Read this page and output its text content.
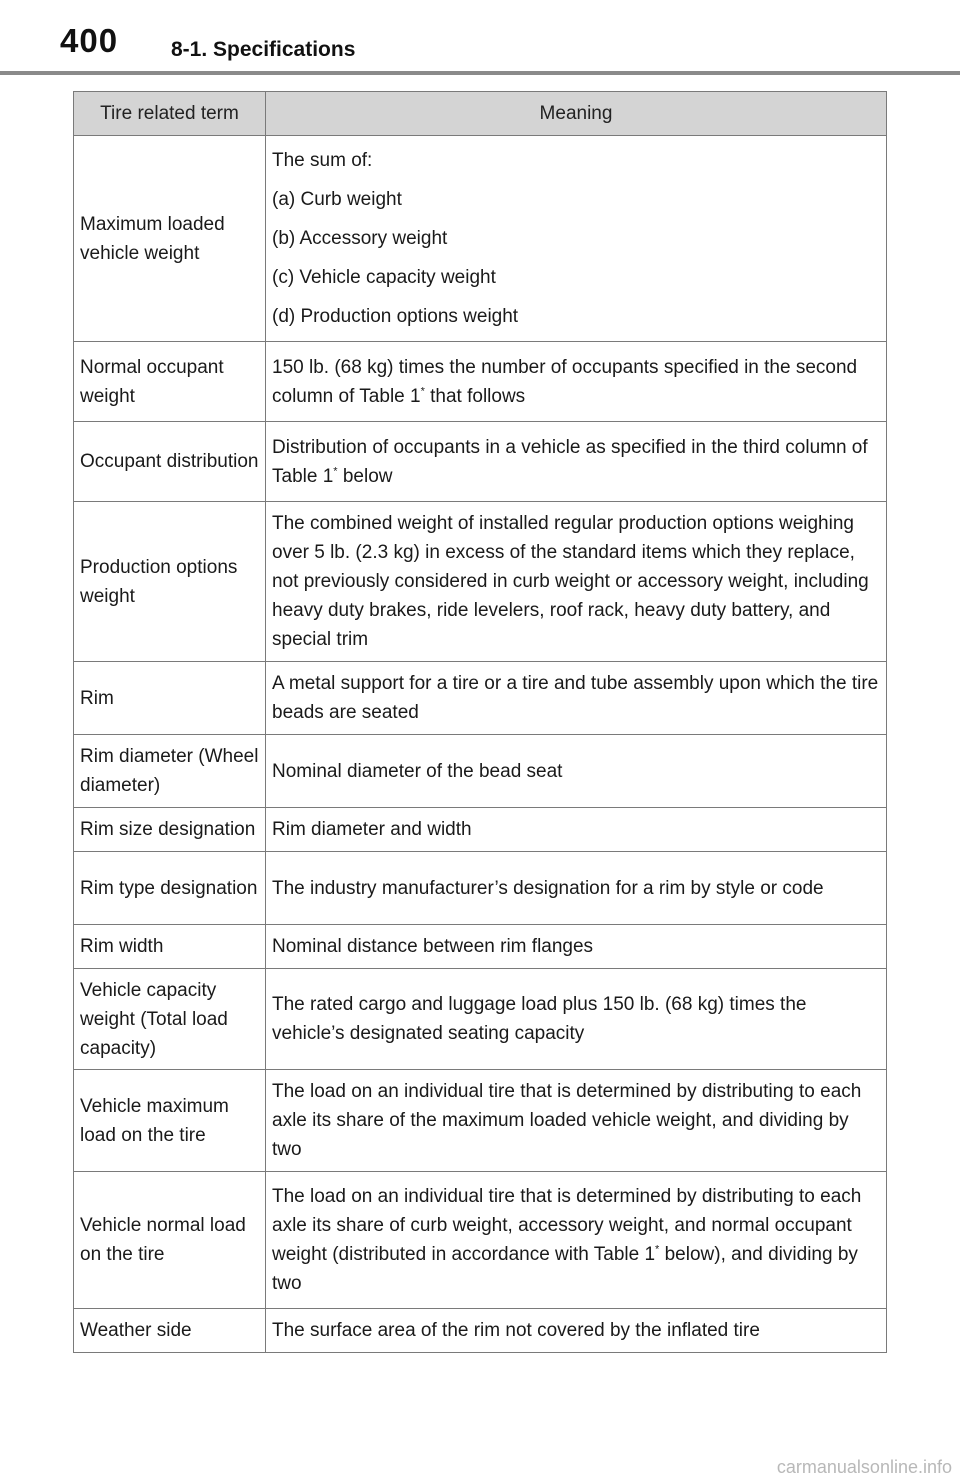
400	8-1. Specifications
Tire related term	Meaning
Maximum loaded vehicle weight	The sum of:
(a) Curb weight
(b) Accessory weight
(c) Vehicle capacity weight
(d) Production options weight

Normal occupant weight	150 lb. (68 kg) times the number of occupants specified in the second column of Table 1* that follows
Occupant distribution	Distribution of occupants in a vehicle as specified in the third column of Table 1* below
Production options weight	The combined weight of installed regular production options weighing over 5 lb. (2.3 kg) in excess of the standard items which they replace, not previously considered in curb weight or accessory weight, including heavy duty brakes, ride levelers, roof rack, heavy duty battery, and special trim
Rim	A metal support for a tire or a tire and tube assembly upon which the tire beads are seated
Rim diameter (Wheel diameter)	Nominal diameter of the bead seat
Rim size designation	Rim diameter and width
Rim type designation	The industry manufacturer’s designation for a rim by style or code
Rim width	Nominal distance between rim flanges
Vehicle capacity weight (Total load capacity)	The rated cargo and luggage load plus 150 lb. (68 kg) times the vehicle’s designated seating capacity
Vehicle maximum load on the tire	The load on an individual tire that is determined by distributing to each axle its share of the maximum loaded vehicle weight, and dividing by two
Vehicle normal load on the tire	The load on an individual tire that is determined by distributing to each axle its share of curb weight, accessory weight, and normal occupant weight (distributed in accordance with Table 1* below), and dividing by two
Weather side	The surface area of the rim not covered by the inflated tire
carmanualsonline.info
